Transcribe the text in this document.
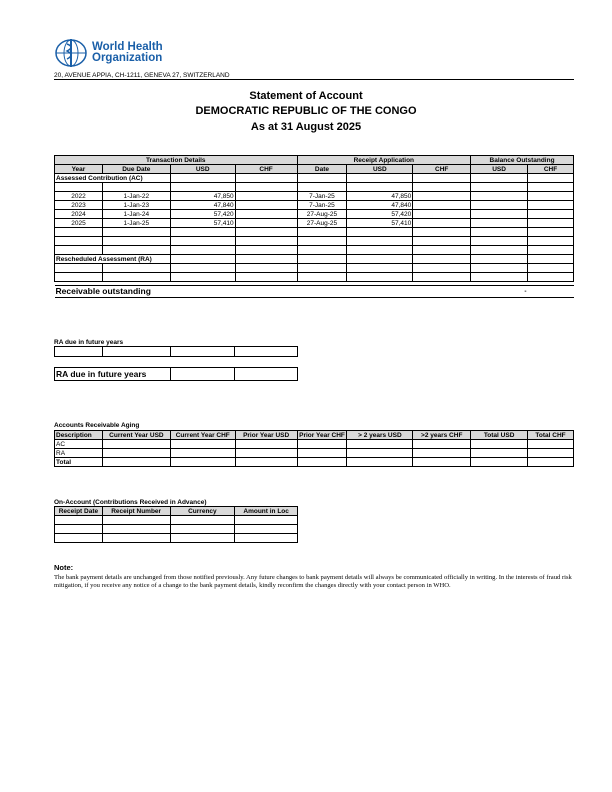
World Health
Organization
20, AVENUE APPIA, CH-1211, GENEVA 27, SWITZERLAND
Statement of Account
DEMOCRATIC REPUBLIC OF THE CONGO
As at 31 August 2025
Transaction Details				Receipt Application			Balance Outstanding	
Year	Due Date	USD	CHF	Date	USD	CHF	USD	CHF
Assessed Contribution (AC)								

2022	1-Jan-22	47,850		7-Jan-25	47,850			
2023	1-Jan-23	47,840		7-Jan-25	47,840			
2024	1-Jan-24	57,420		27-Aug-25	57,420			
2025	1-Jan-25	57,410		27-Aug-25	57,410			

Rescheduled Assessment (RA)								

Receivable outstanding							-	
RA due in future years

RA due in future years		
Accounts Receivable Aging
Description	Current Year USD	Current Year CHF	Prior Year USD	Prior Year CHF	> 2 years USD	>2 years CHF	Total USD	Total CHF
AC								
RA								
Total								
On-Account (Contributions Received in Advance)
Receipt Date	Receipt Number	Currency	Amount in Loc

Note:
The bank payment details are unchanged from those notified previously. Any future changes to bank payment details will always be communicated officially in writing. In the interests of fraud risk mitigation, if you receive any notice of a change to the bank payment details, kindly reconfirm the changes directly with your contact person in WHO.
